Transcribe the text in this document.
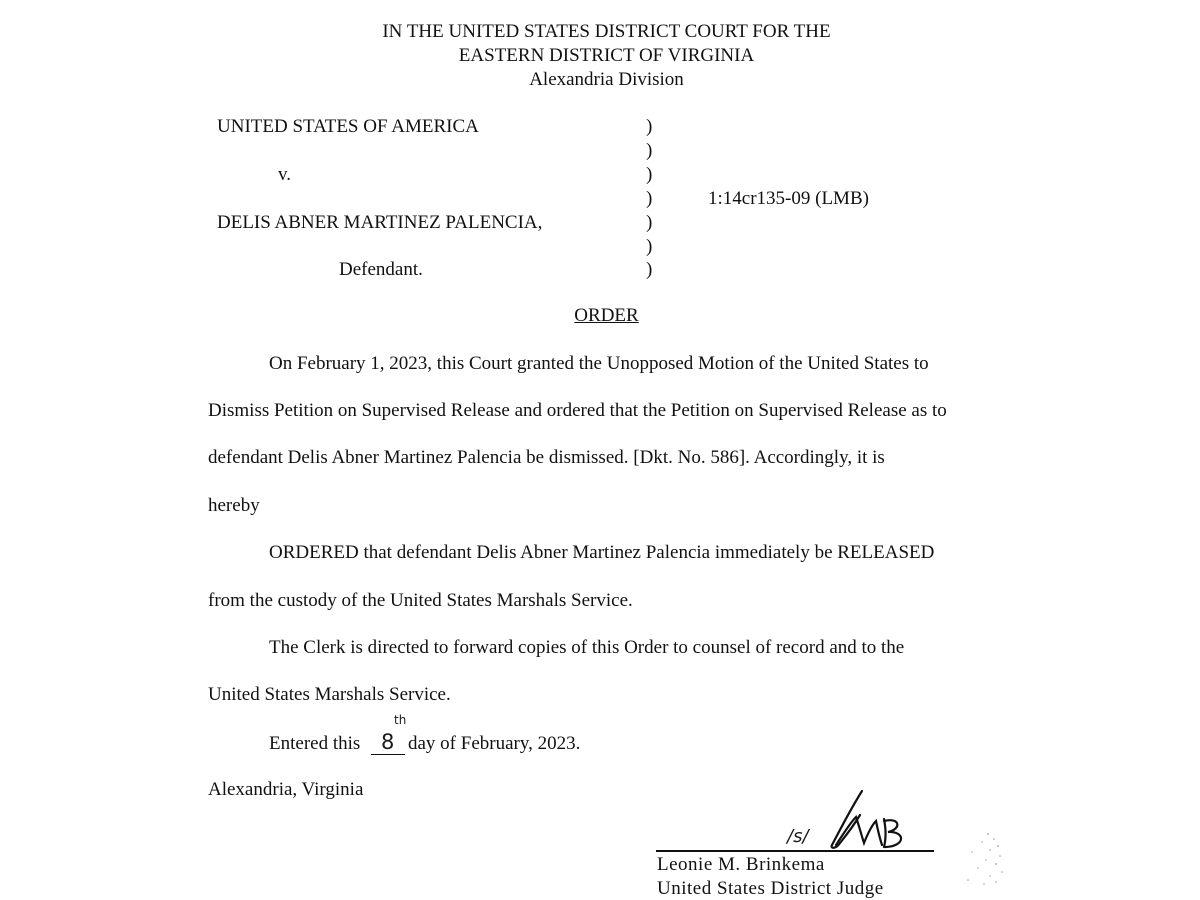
IN THE UNITED STATES DISTRICT COURT FOR THE
EASTERN DISTRICT OF VIRGINIA
Alexandria Division
UNITED STATES OF AMERICA
v.
DELIS ABNER MARTINEZ PALENCIA,
Defendant.
)
)
)
)
)
)
)
1:14cr135-09 (LMB)
ORDER
On February 1, 2023, this Court granted the Unopposed Motion of the United States to
Dismiss Petition on Supervised Release and ordered that the Petition on Supervised Release as to
defendant Delis Abner Martinez Palencia be dismissed. [Dkt. No. 586]. Accordingly, it is
hereby
ORDERED that defendant Delis Abner Martinez Palencia immediately be RELEASED
from the custody of the United States Marshals Service.
The Clerk is directed to forward copies of this Order to counsel of record and to the
United States Marshals Service.
Entered this 8
th
day of February, 2023.
Alexandria, Virginia
/s/
Leonie M. Brinkema
United States District Judge
